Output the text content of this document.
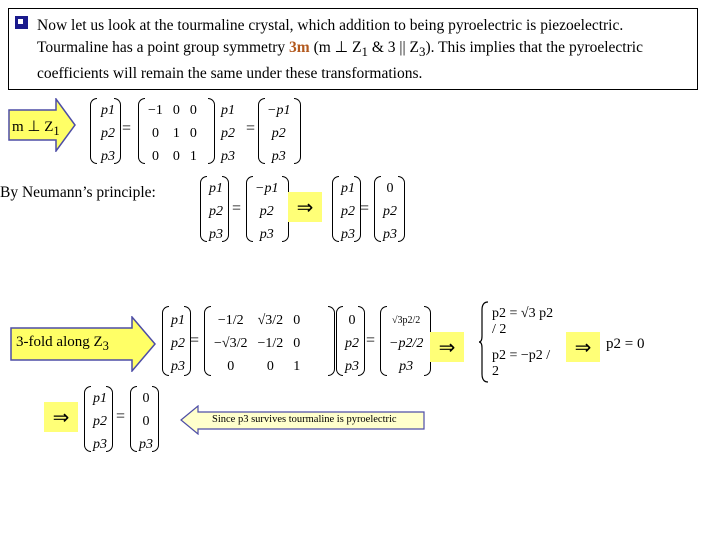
Now let us look at the tourmaline crystal, which addition to being pyroelectric is piezoelectric. Tourmaline has a point group symmetry 3m (m ⊥ $Z_1$ & 3 || $Z_3$). This implies that the pyroelectric coefficients will remain the same under these transformations.
m ⊥ $Z_1$
p1
p2
p3
=
−1	0	0
0	1	0
0	0	1
p1
p2
p3
=
−p1
p2
p3
By Neumann’s principle:	p1
p2
p3
=
−p1
p2
p3
⇒
p1
p2
p3
=
0
p2
p3
3-fold along $Z_3$
p1
p2
p3
=
−1/2	√3/2	0
−√3/2	−1/2	0
0	0	1
0
p2
p3
=
√3p2/2
−p2/2
p3
⇒
p2 = √3 p2 / 2
p2 = −p2 / 2
⇒ p2 = 0
⇒
p1
p2
p3
=
0
0
p3
Since p3 survives tourmaline is pyroelectric
